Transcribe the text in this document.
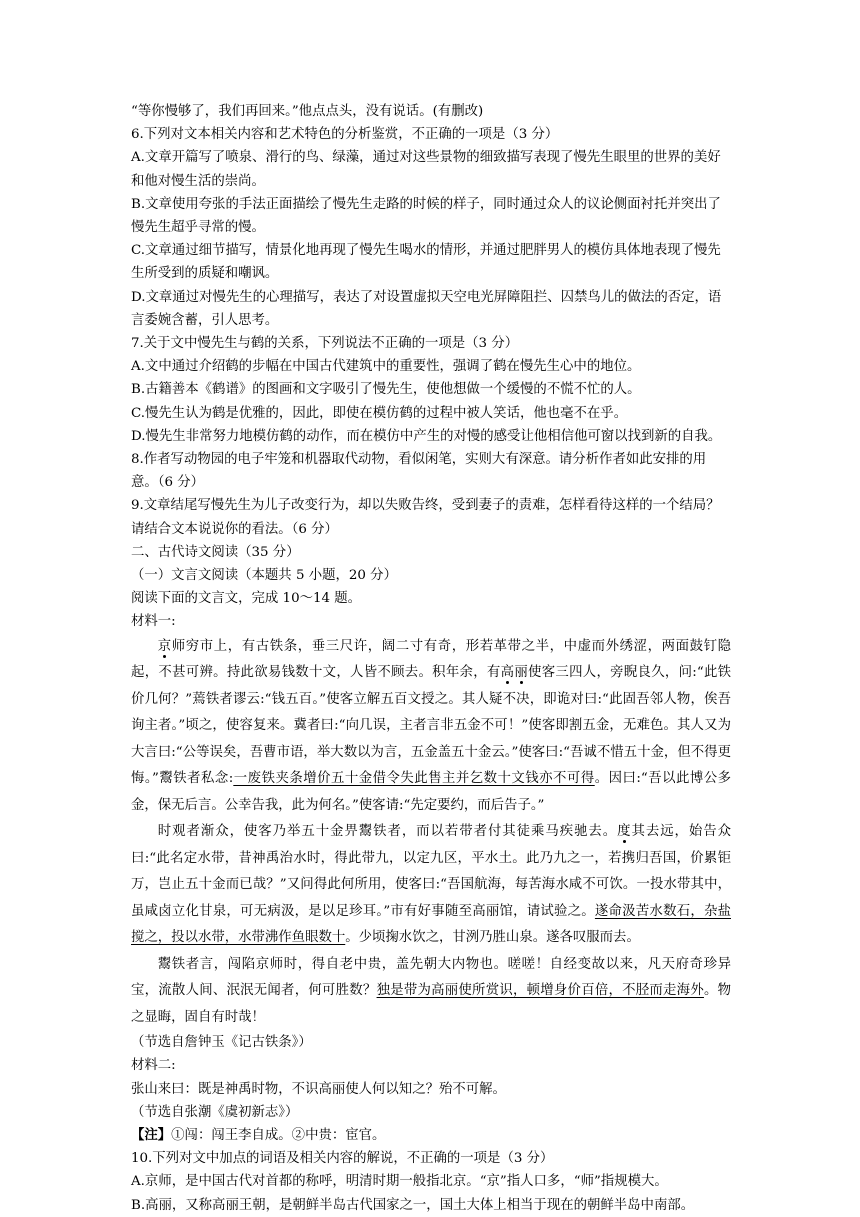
“等你慢够了，我们再回来。”他点点头，没有说话。(有删改)
6.下列对文本相关内容和艺术特色的分析鉴赏，不正确的一项是（3 分）
A.文章开篇写了喷泉、滑行的鸟、绿藻，通过对这些景物的细致描写表现了慢先生眼里的世界的美好和他对慢生活的崇尚。
B.文章使用夸张的手法正面描绘了慢先生走路的时候的样子，同时通过众人的议论侧面衬托并突出了慢先生超乎寻常的慢。
C.文章通过细节描写，情景化地再现了慢先生喝水的情形，并通过肥胖男人的模仿具体地表现了慢先生所受到的质疑和嘲讽。
D.文章通过对慢先生的心理描写，表达了对设置虚拟天空电光屏障阻拦、囚禁鸟儿的做法的否定，语言委婉含蓄，引人思考。
7.关于文中慢先生与鹤的关系，下列说法不正确的一项是（3 分）
A.文中通过介绍鹤的步幅在中国古代建筑中的重要性，强调了鹤在慢先生心中的地位。
B.古籍善本《鹤谱》的图画和文字吸引了慢先生，使他想做一个缓慢的不慌不忙的人。
C.慢先生认为鹤是优雅的，因此，即使在模仿鹤的过程中被人笑话，他也毫不在乎。
D.慢先生非常努力地模仿鹤的动作，而在模仿中产生的对慢的感受让他相信他可窗以找到新的自我。
8.作者写动物园的电子牢笼和机器取代动物，看似闲笔，实则大有深意。请分析作者如此安排的用意。（6 分）
9.文章结尾写慢先生为儿子改变行为，却以失败告终，受到妻子的责难，怎样看待这样的一个结局？请结合文本说说你的看法。（6 分）
二、古代诗文阅读（35 分）
（一）文言文阅读（本题共 5 小题，20 分）
阅读下面的文言文，完成 10～14 题。
材料一:
京师穷市上，有古铁条，垂三尺许，阔二寸有奇，形若革带之半，中虚而外绣涩，两面鼓钉隐起，不甚可辨。持此欲易钱数十文，人皆不顾去。积年余，有高丽使客三四人，旁睨良久，问:“此铁价几何？”蔫铁者谬云:“钱五百。”使客立解五百文授之。其人疑不决，即诡对曰:“此固吾邻人物，俟吾询主者。”顷之，使容复来。冀者曰:“向几误，主者言非五金不可！”使客即割五金，无难色。其人又为大言曰:“公等误矣，吾曹市语，举大数以为言，五金盖五十金云。”使客曰:“吾诚不惜五十金，但不得更悔。”鬻铁者私念:一废铁夹条增价五十金借令失此售主并乞数十文钱亦不可得。因曰:“吾以此博公多金，保无后言。公幸告我，此为何名。”使客请:“先定要约，而后告子。”
时观者渐众，使客乃举五十金畀鬻铁者，而以若带者付其徒乘马疾驰去。度其去远，始告众曰:“此名定水带，昔神禹治水时，得此带九，以定九区，平水土。此乃九之一，若携归吾国，价累钜万，岂止五十金而已哉？”又问得此何所用，使客曰:“吾国航海，每苦海水咸不可饮。一投水带其中，虽咸卤立化甘泉，可无病汲，是以足珍耳。”市有好事随至高丽馆，请试验之。遂命汲苦水数石，杂盐搅之，投以水带，水带沸作鱼眼数十。少顷掬水饮之，甘洌乃胜山泉。遂各叹服而去。
鬻铁者言，闯陷京师时，得自老中贵，盖先朝大内物也。嗟嗟！自经变故以来，凡天府奇珍异宝，流散人间、泯泯无闻者，何可胜数？独是带为高丽使所赏识，顿增身价百倍，不胫而走海外。物之显晦，固自有时哉！
（节选自詹钟玉《记古铁条》）
材料二:
张山来曰：既是神禹时物，不识高丽使人何以知之？殆不可解。
（节选自张潮《虞初新志》）
【注】①闯：闯王李自成。②中贵：宦官。
10.下列对文中加点的词语及相关内容的解说，不正确的一项是（3 分）
A.京师，是中国古代对首都的称呼，明清时期一般指北京。“京”指人口多，“师”指规模大。
B.高丽，又称高丽王朝，是朝鲜半岛古代国家之一，国土大体上相当于现在的朝鲜半岛中南部。
